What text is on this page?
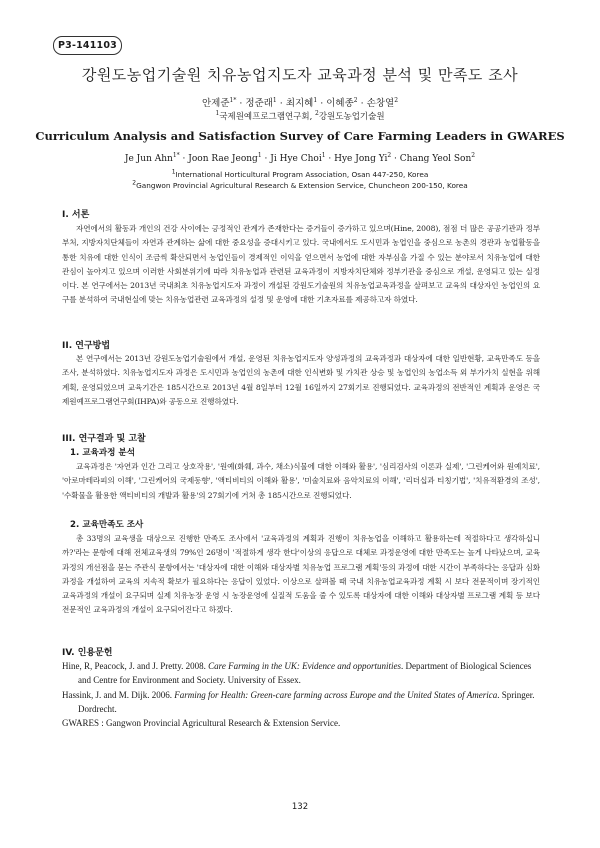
P3-141103
강원도농업기술원 치유농업지도자 교육과정 분석 및 만족도 조사
안제준$^{1*}$ · 정준래$^1$ · 최지혜$^1$ · 이혜종$^2$ · 손창열$^2$
$^1$국제원예프로그램연구회, $^2$강원도농업기술원
Curriculum Analysis and Satisfaction Survey of Care Farming Leaders in GWARES
Je Jun Ahn$^{1*}$ · Joon Rae Jeong$^1$ · Ji Hye Choi$^1$ · Hye Jong $Yi^2$ · Chang Yeol Son$^2$
$^1$International Horticultural Program Association, Osan 447-250, Korea
$^2$Gangwon Provincial Agricultural Research & Extension Service, Chuncheon 200-150, Korea
I. 서론

자연에서의 활동과 개인의 건강 사이에는 긍정적인 관계가 존재한다는 증거들이 증가하고 있으며(Hine, 2008), 점점 더 많은 공공기관과 정부부처, 지방자치단체들이 자연과 관계하는 삶에 대한 중요성을 증대시키고 있다. 국내에서도 도시민과 농업인을 중심으로 농촌의 경관과 농업활동을 통한 치유에 대한 인식이 조금씩 확산되면서 농업인들이 경제적인 이익을 얻으면서 농업에 대한 자부심을 가질 수 있는 분야로서 치유농업에 대한 관심이 높아지고 있으며 이러한 사회분위기에 따라 치유농업과 관련된 교육과정이 지방자치단체와 정부기관을 중심으로 개설, 운영되고 있는 실정이다. 본 연구에서는 2013년 국내최초 치유농업지도자 과정이 개설된 강원도기술원의 치유농업교육과정을 살펴보고 교육의 대상자인 농업인의 요구를 분석하여 국내현실에 맞는 치유농업관련 교육과정의 설정 및 운영에 대한 기초자료를 제공하고자 하였다.

II. 연구방법

본 연구에서는 2013년 강원도농업기술원에서 개설, 운영된 치유농업지도자 양성과정의 교육과정과 대상자에 대한 일반현황, 교육만족도 등을 조사, 분석하였다. 치유농업지도자 과정은 도시민과 농업인의 농촌에 대한 인식변화 및 가치관 상승 및 농업인의 농업소득 외 부가가치 실현을 위해 계획, 운영되었으며 교육기간은 185시간으로 2013년 4월 8일부터 12월 16일까지 27회기로 진행되었다. 교육과정의 전반적인 계획과 운영은 국제원예프로그램연구회(IHPA)와 공동으로 진행하였다.

III. 연구결과 및 고찰
1. 교육과정 분석

교육과정은 '자연과 인간 그리고 상호작용', '원예(화훼, 과수, 채소)식물에 대한 이해와 활용', '심리검사의 이론과 실제', '그린케어와 원예치료', '아로마테라피의 이해', '그린케어의 국제동향', '액티비티의 이해와 활용', '미술치료와 음악치료의 이해', '리더십과 티칭기법', '치유적환경의 조성', '수확물을 활용한 액티비티의 개발과 활용'의 27회기에 거쳐 총 185시간으로 진행되었다.

2. 교육만족도 조사

총 33명의 교육생을 대상으로 진행한 만족도 조사에서 '교육과정의 계획과 진행이 치유농업을 이해하고 활용하는데 적절하다고 생각하십니까?'라는 문항에 대해 전체교육생의 79%인 26명이 '적절하게 생각 한다'이상의 응답으로 대체로 과정운영에 대한 만족도는 높게 나타났으며, 교육과정의 개선점을 묻는 주관식 문항에서는 '대상자에 대한 이해와 대상자별 치유농업 프로그램 계획'등의 과정에 대한 시간이 부족하다는 응답과 심화과정을 개설하여 교육의 지속적 확보가 필요하다는 응답이 있었다. 이상으로 살펴볼 때 국내 치유농업교육과정 계획 시 보다 전문적이며 장기적인 교육과정의 개설이 요구되며 실제 치유농장 운영 시 농장운영에 실질적 도움을 줄 수 있도록 대상자에 대한 이해와 대상자별 프로그램 계획 등 보다 전문적인 교육과정의 개설이 요구되어진다고 하겠다.

IV. 인용문헌

Hine, R, Peacock, J. and J. Pretty. 2008. Care Farming in the UK: Evidence and opportunities. Department of Biological Sciences and Centre for Environment and Society. University of Essex.

Hassink, J. and M. Dijk. 2006. Farming for Health: Green-care farming across Europe and the United States of America. Springer. Dordrecht.

GWARES : Gangwon Provincial Agricultural Research & Extension Service.

132
